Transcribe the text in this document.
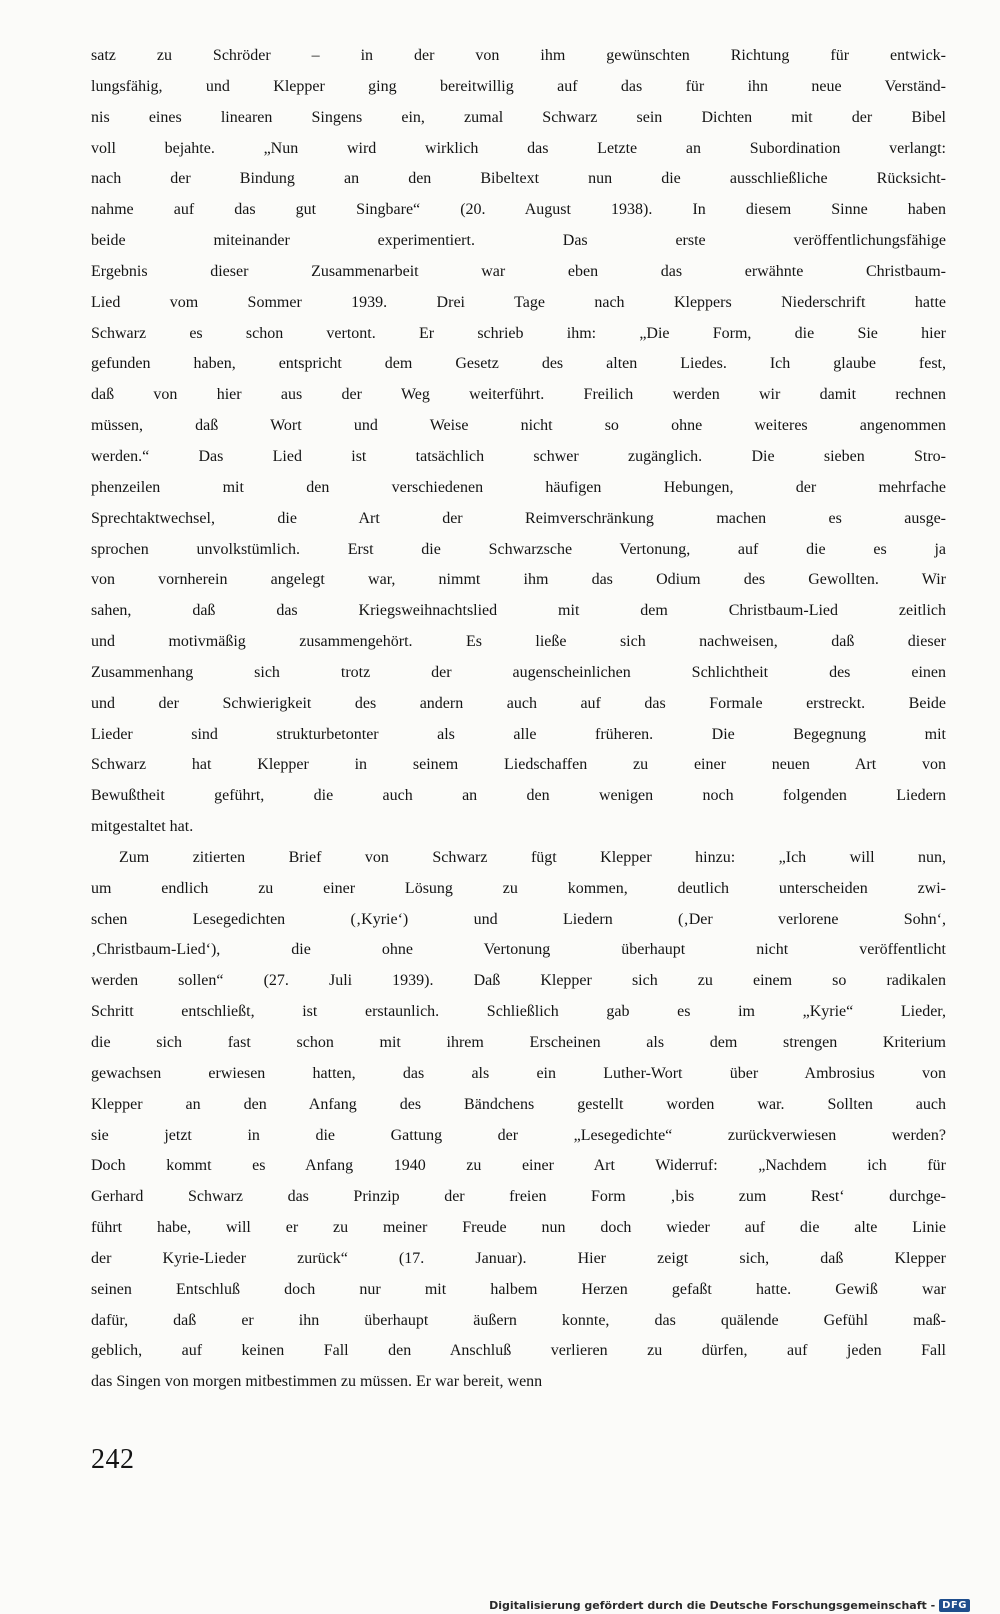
satz zu Schröder – in der von ihm gewünschten Richtung für entwick-
lungsfähig, und Klepper ging bereitwillig auf das für ihn neue Verständ-
nis eines linearen Singens ein, zumal Schwarz sein Dichten mit der Bibel
voll bejahte. „Nun wird wirklich das Letzte an Subordination verlangt:
nach der Bindung an den Bibeltext nun die ausschließliche Rücksicht-
nahme auf das gut Singbare“ (20. August 1938). In diesem Sinne haben
beide miteinander experimentiert. Das erste veröffentlichungsfähige
Ergebnis dieser Zusammenarbeit war eben das erwähnte Christbaum-
Lied vom Sommer 1939. Drei Tage nach Kleppers Niederschrift hatte
Schwarz es schon vertont. Er schrieb ihm: „Die Form, die Sie hier
gefunden haben, entspricht dem Gesetz des alten Liedes. Ich glaube fest,
daß von hier aus der Weg weiterführt. Freilich werden wir damit rechnen
müssen, daß Wort und Weise nicht so ohne weiteres angenommen
werden.“ Das Lied ist tatsächlich schwer zugänglich. Die sieben Stro-
phenzeilen mit den verschiedenen häufigen Hebungen, der mehrfache
Sprechtaktwechsel, die Art der Reimverschränkung machen es ausge-
sprochen unvolkstümlich. Erst die Schwarzsche Vertonung, auf die es ja
von vornherein angelegt war, nimmt ihm das Odium des Gewollten. Wir
sahen, daß das Kriegsweihnachtslied mit dem Christbaum-Lied zeitlich
und motivmäßig zusammengehört. Es ließe sich nachweisen, daß dieser
Zusammenhang sich trotz der augenscheinlichen Schlichtheit des einen
und der Schwierigkeit des andern auch auf das Formale erstreckt. Beide
Lieder sind strukturbetonter als alle früheren. Die Begegnung mit
Schwarz hat Klepper in seinem Liedschaffen zu einer neuen Art von
Bewußtheit geführt, die auch an den wenigen noch folgenden Liedern
mitgestaltet hat.
Zum zitierten Brief von Schwarz fügt Klepper hinzu: „Ich will nun,
um endlich zu einer Lösung zu kommen, deutlich unterscheiden zwi-
schen Lesegedichten (‚Kyrie‘) und Liedern (‚Der verlorene Sohn‘,
‚Christbaum-Lied‘), die ohne Vertonung überhaupt nicht veröffentlicht
werden sollen“ (27. Juli 1939). Daß Klepper sich zu einem so radikalen
Schritt entschließt, ist erstaunlich. Schließlich gab es im „Kyrie“ Lieder,
die sich fast schon mit ihrem Erscheinen als dem strengen Kriterium
gewachsen erwiesen hatten, das als ein Luther-Wort über Ambrosius von
Klepper an den Anfang des Bändchens gestellt worden war. Sollten auch
sie jetzt in die Gattung der „Lesegedichte“ zurückverwiesen werden?
Doch kommt es Anfang 1940 zu einer Art Widerruf: „Nachdem ich für
Gerhard Schwarz das Prinzip der freien Form ‚bis zum Rest‘ durchge-
führt habe, will er zu meiner Freude nun doch wieder auf die alte Linie
der Kyrie-Lieder zurück“ (17. Januar). Hier zeigt sich, daß Klepper
seinen Entschluß doch nur mit halbem Herzen gefaßt hatte. Gewiß war
dafür, daß er ihn überhaupt äußern konnte, das quälende Gefühl maß-
geblich, auf keinen Fall den Anschluß verlieren zu dürfen, auf jeden Fall
das Singen von morgen mitbestimmen zu müssen. Er war bereit, wenn
242
Digitalisierung gefördert durch die Deutsche Forschungsgemeinschaft - DFG
